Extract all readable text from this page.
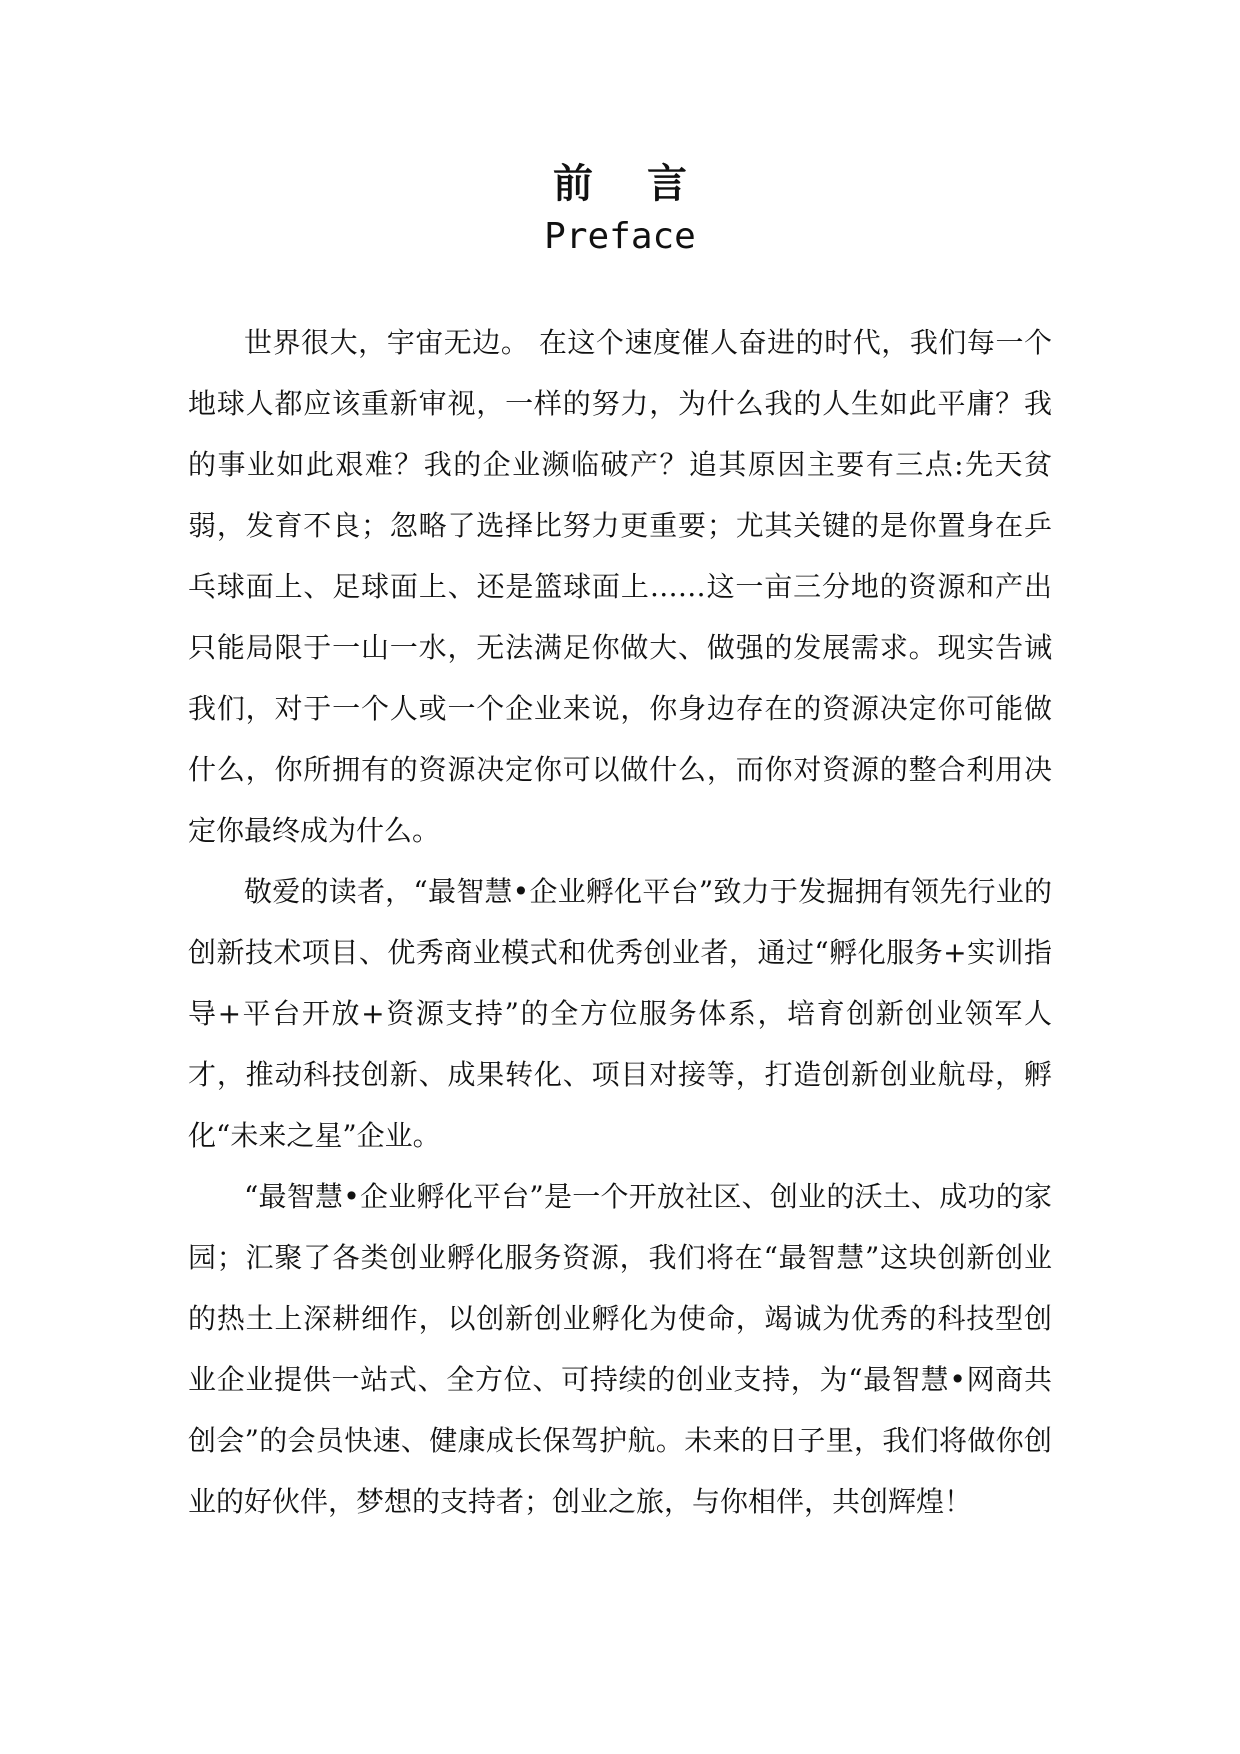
前 言
Preface

世界很大，宇宙无边。 在这个速度催人奋进的时代，我们每一个地球人都应该重新审视，一样的努力，为什么我的人生如此平庸？我的事业如此艰难？我的企业濒临破产？追其原因主要有三点:先天贫弱，发育不良；忽略了选择比努力更重要；尤其关键的是你置身在乒乓球面上、足球面上、还是篮球面上……这一亩三分地的资源和产出只能局限于一山一水，无法满足你做大、做强的发展需求。现实告诫我们，对于一个人或一个企业来说，你身边存在的资源决定你可能做什么，你所拥有的资源决定你可以做什么，而你对资源的整合利用决定你最终成为什么。

敬爱的读者，“最智慧•企业孵化平台”致力于发掘拥有领先行业的创新技术项目、优秀商业模式和优秀创业者，通过“孵化服务+实训指导+平台开放+资源支持”的全方位服务体系，培育创新创业领军人才，推动科技创新、成果转化、项目对接等，打造创新创业航母，孵化“未来之星”企业。

“最智慧•企业孵化平台”是一个开放社区、创业的沃土、成功的家园；汇聚了各类创业孵化服务资源，我们将在“最智慧”这块创新创业的热土上深耕细作，以创新创业孵化为使命，竭诚为优秀的科技型创业企业提供一站式、全方位、可持续的创业支持，为“最智慧•网商共创会”的会员快速、健康成长保驾护航。未来的日子里，我们将做你创业的好伙伴，梦想的支持者；创业之旅，与你相伴，共创辉煌！
